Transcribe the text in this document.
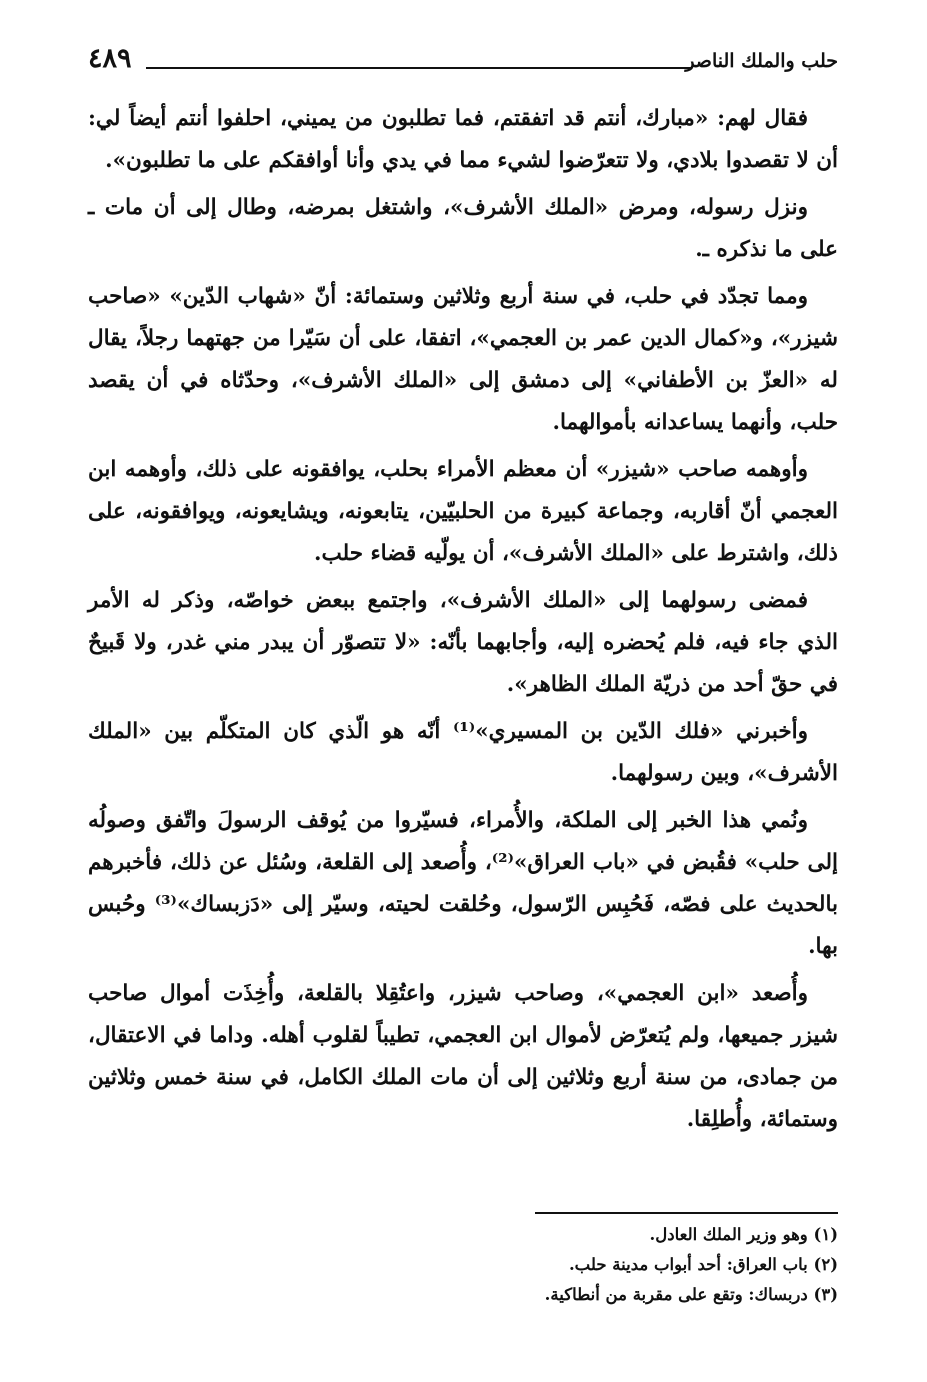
٤٨٩	حلب والملك الناصر

فقال لهم: «مبارك، أنتم قد اتفقتم، فما تطلبون من يميني، احلفوا أنتم أيضاً لي: أن لا تقصدوا بلادي، ولا تتعرّضوا لشيء مما في يدي وأنا أوافقكم على ما تطلبون».

ونزل رسوله، ومرض «الملك الأشرف»، واشتغل بمرضه، وطال إلى أن مات ـ على ما نذكره ـ.

ومما تجدّد في حلب، في سنة أربع وثلاثين وستمائة: أنّ «شهاب الدّين» «صاحب شيزر»، و«كمال الدين عمر بن العجمي»، اتفقا، على أن سَيّرا من جهتهما رجلاً، يقال له «العزّ بن الأطفاني» إلى دمشق إلى «الملك الأشرف»، وحدّثاه في أن يقصد حلب، وأنهما يساعدانه بأموالهما.

وأوهمه صاحب «شيزر» أن معظم الأمراء بحلب، يوافقونه على ذلك، وأوهمه ابن العجمي أنّ أقاربه، وجماعة كبيرة من الحلبيّين، يتابعونه، ويشايعونه، ويوافقونه، على ذلك، واشترط على «الملك الأشرف»، أن يولّيه قضاء حلب.

فمضى رسولهما إلى «الملك الأشرف»، واجتمع ببعض خواصّه، وذكر له الأمر الذي جاء فيه، فلم يُحضره إليه، وأجابهما بأنّه: «لا تتصوّر أن يبدر مني غدر، ولا قَبيحٌ في حقّ أحد من ذريّة الملك الظاهر».

وأخبرني «فلك الدّين بن المسيري»⁽¹⁾ أنّه هو الّذي كان المتكلّم بين «الملك الأشرف»، وبين رسولهما.

ونُمي هذا الخبر إلى الملكة، والأُمراء، فسيّروا من يُوقف الرسولَ واتّفق وصولُه إلى حلب» فقُبض في «باب العراق»⁽²⁾، وأُصعد إلى القلعة، وسُئل عن ذلك، فأخبرهم بالحديث على فصّه، فَحُبِس الرّسول، وحُلقت لحيته، وسيّر إلى «دَزبساك»⁽³⁾ وحُبس بها.

وأُصعد «ابن العجمي»، وصاحب شيزر، واعتُقِلا بالقلعة، وأُخِذَت أموال صاحب شيزر جميعها، ولم يُتعرّض لأموال ابن العجمي، تطيباً لقلوب أهله. وداما في الاعتقال، من جمادى، من سنة أربع وثلاثين إلى أن مات الملك الكامل، في سنة خمس وثلاثين وستمائة، وأُطلِقا.

(١) وهو وزير الملك العادل.

(٢) باب العراق: أحد أبواب مدينة حلب.

(٣) دربساك: وتقع على مقربة من أنطاكية.
